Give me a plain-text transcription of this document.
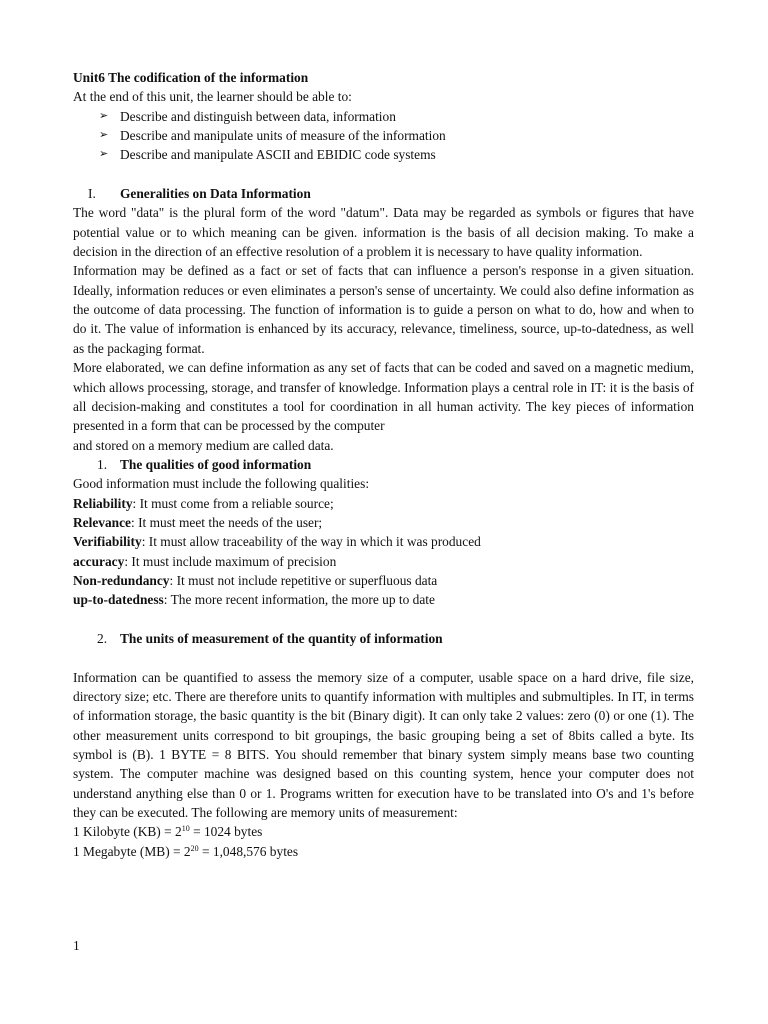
Unit6 The codification of the information

At the end of this unit, the learner should be able to:

➢ Describe and distinguish between data, information
➢ Describe and manipulate units of measure of the information
➢ Describe and manipulate ASCII and EBIDIC code systems

I. Generalities on Data Information

The word "data" is the plural form of the word "datum". Data may be regarded as symbols or figures that have potential value or to which meaning can be given. information is the basis of all decision making. To make a decision in the direction of an effective resolution of a problem it is necessary to have quality information.

Information may be defined as a fact or set of facts that can influence a person's response in a given situation. Ideally, information reduces or even eliminates a person's sense of uncertainty. We could also define information as the outcome of data processing. The function of information is to guide a person on what to do, how and when to do it. The value of information is enhanced by its accuracy, relevance, timeliness, source, up-to-datedness, as well as the packaging format.

More elaborated, we can define information as any set of facts that can be coded and saved on a magnetic medium, which allows processing, storage, and transfer of knowledge. Information plays a central role in IT: it is the basis of all decision-making and constitutes a tool for coordination in all human activity. The key pieces of information presented in a form that can be processed by the computer

and stored on a memory medium are called data.

1. The qualities of good information

Good information must include the following qualities:

Reliability: It must come from a reliable source;

Relevance: It must meet the needs of the user;

Verifiability: It must allow traceability of the way in which it was produced

accuracy: It must include maximum of precision

Non-redundancy: It must not include repetitive or superfluous data

up-to-datedness: The more recent information, the more up to date

2. The units of measurement of the quantity of information

Information can be quantified to assess the memory size of a computer, usable space on a hard drive, file size, directory size; etc. There are therefore units to quantify information with multiples and submultiples. In IT, in terms of information storage, the basic quantity is the bit (Binary digit). It can only take 2 values: zero (0) or one (1). The other measurement units correspond to bit groupings, the basic grouping being a set of 8bits called a byte. Its symbol is (B). 1 BYTE = 8 BITS. You should remember that binary system simply means base two counting system. The computer machine was designed based on this counting system, hence your computer does not understand anything else than 0 or 1. Programs written for execution have to be translated into O's and 1's before they can be executed. The following are memory units of measurement:

1 Kilobyte $(KB) = 2^{10} = 1024$ bytes

1 Megabyte $(MB) = 2^{20} = 1,048,576$ bytes

1
